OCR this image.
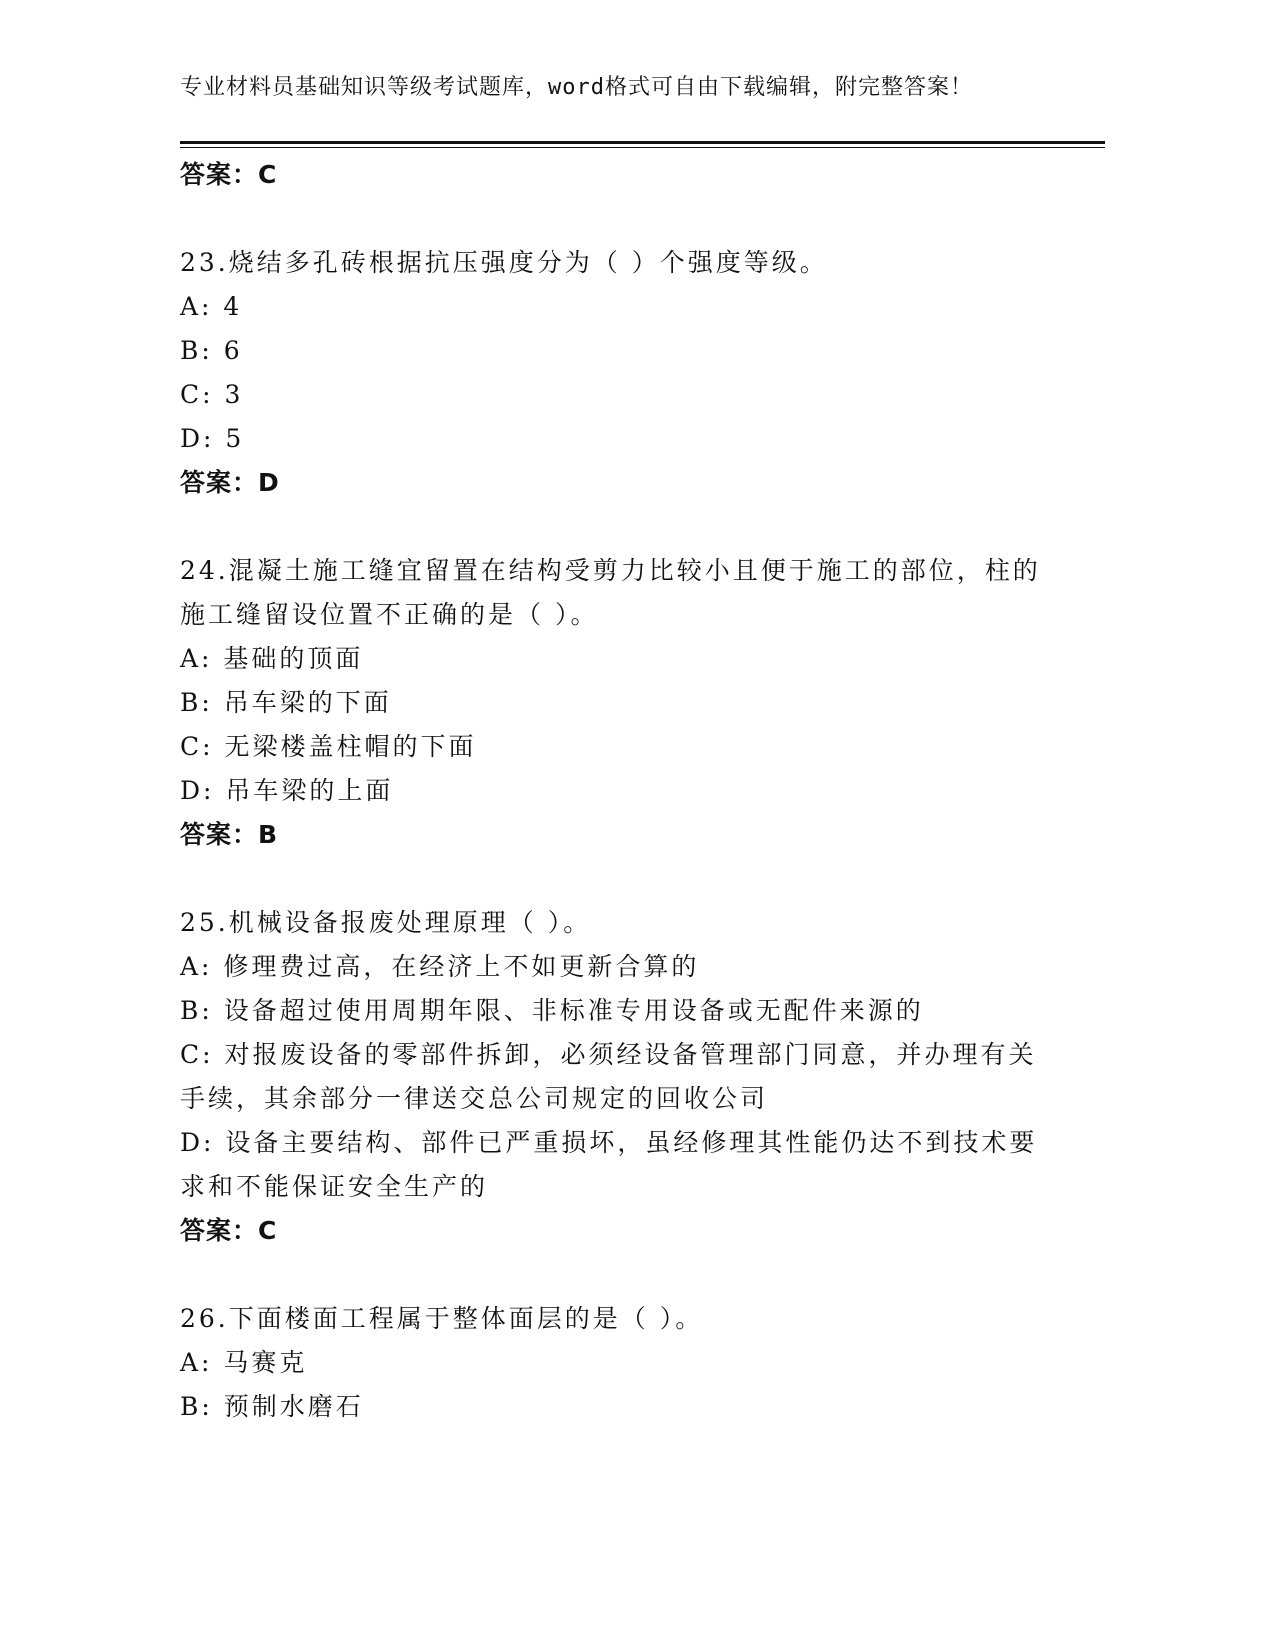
专业材料员基础知识等级考试题库，word格式可自由下载编辑，附完整答案！
答案：C
23.烧结多孔砖根据抗压强度分为（ ）个强度等级。
A: 4
B: 6
C: 3
D: 5
答案：D
24.混凝土施工缝宜留置在结构受剪力比较小且便于施工的部位，柱的
施工缝留设位置不正确的是（ ）。
A: 基础的顶面
B: 吊车梁的下面
C: 无梁楼盖柱帽的下面
D: 吊车梁的上面
答案：B
25.机械设备报废处理原理（ ）。
A: 修理费过高，在经济上不如更新合算的
B: 设备超过使用周期年限、非标准专用设备或无配件来源的
C: 对报废设备的零部件拆卸，必须经设备管理部门同意，并办理有关
手续，其余部分一律送交总公司规定的回收公司
D: 设备主要结构、部件已严重损坏，虽经修理其性能仍达不到技术要
求和不能保证安全生产的
答案：C
26.下面楼面工程属于整体面层的是（ ）。
A: 马赛克
B: 预制水磨石
